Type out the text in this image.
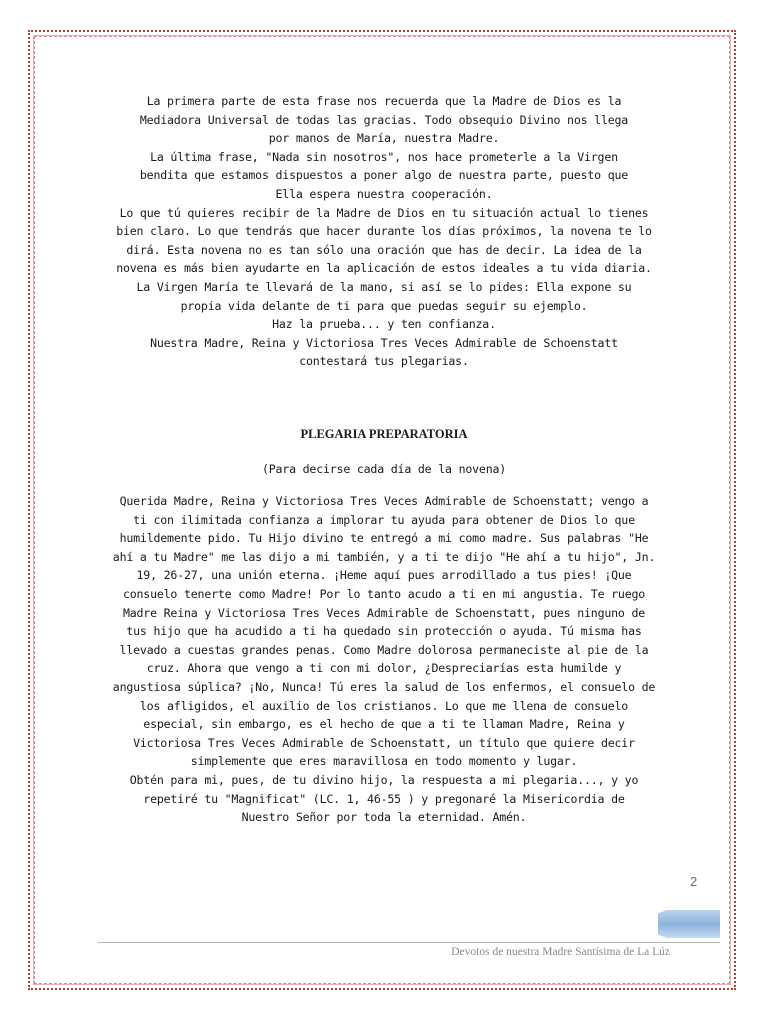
La primera parte de esta frase nos recuerda que la Madre de Dios es la

Mediadora Universal de todas las gracias. Todo obsequio Divino nos llega

por manos de María, nuestra Madre.

La última frase, "Nada sin nosotros", nos hace prometerle a la Virgen

bendita que estamos dispuestos a poner algo de nuestra parte, puesto que

Ella espera nuestra cooperación.

Lo que tú quieres recibir de la Madre de Dios en tu situación actual lo tienes

bien claro. Lo que tendrás que hacer durante los días próximos, la novena te lo

dirá. Esta novena no es tan sólo una oración que has de decir. La idea de la

novena es más bien ayudarte en la aplicación de estos ideales a tu vida diaria.

La Virgen María te llevará de la mano, si así se lo pides: Ella expone su

propia vida delante de ti para que puedas seguir su ejemplo.

Haz la prueba... y ten confianza.

Nuestra Madre, Reina y Victoriosa Tres Veces Admirable de Schoenstatt

contestará tus plegarias.

PLEGARIA PREPARATORIA

(Para decirse cada día de la novena)

Querida Madre, Reina y Victoriosa Tres Veces Admirable de Schoenstatt; vengo a

ti con ilimitada confianza a implorar tu ayuda para obtener de Dios lo que

humildemente pido. Tu Hijo divino te entregó a mi como madre. Sus palabras "He

ahí a tu Madre" me las dijo a mi también, y a ti te dijo "He ahí a tu hijo", Jn.

19, 26-27, una unión eterna. ¡Heme aquí pues arrodillado a tus pies! ¡Que

consuelo tenerte como Madre! Por lo tanto acudo a ti en mi angustia. Te ruego

Madre Reina y Victoriosa Tres Veces Admirable de Schoenstatt, pues ninguno de

tus hijo que ha acudido a ti ha quedado sin protección o ayuda. Tú misma has

llevado a cuestas grandes penas. Como Madre dolorosa permaneciste al pie de la

cruz. Ahora que vengo a ti con mi dolor, ¿Despreciarías esta humilde y

angustiosa súplica? ¡No, Nunca! Tú eres la salud de los enfermos, el consuelo de

los afligidos, el auxilio de los cristianos. Lo que me llena de consuelo

especial, sin embargo, es el hecho de que a ti te llaman Madre, Reina y

Victoriosa Tres Veces Admirable de Schoenstatt, un título que quiere decir

simplemente que eres maravillosa en todo momento y lugar.

Obtén para mi, pues, de tu divino hijo, la respuesta a mi plegaria..., y yo

repetiré tu "Magnificat" (LC. 1, 46-55 ) y pregonaré la Misericordia de

Nuestro Señor por toda la eternidad. Amén.

2
Devotos de nuestra Madre Santísima de La Lúz
